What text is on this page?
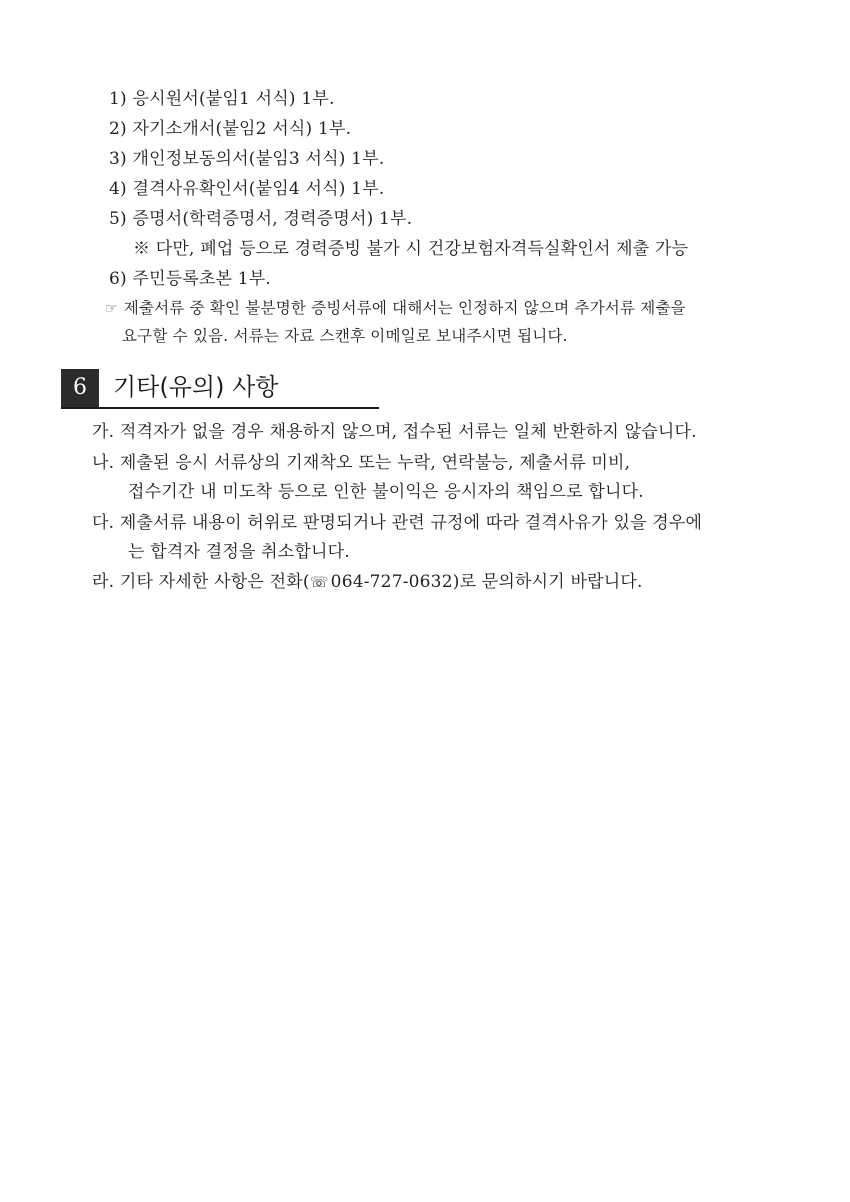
1) 응시원서(붙임1 서식) 1부.
2) 자기소개서(붙임2 서식) 1부.
3) 개인정보동의서(붙임3 서식) 1부.
4) 결격사유확인서(붙임4 서식) 1부.
5) 증명서(학력증명서, 경력증명서) 1부.
※ 다만, 폐업 등으로 경력증빙 불가 시 건강보험자격득실확인서 제출 가능
6) 주민등록초본 1부.
☞ 제출서류 중 확인 불분명한 증빙서류에 대해서는 인정하지 않으며 추가서류 제출을
요구할 수 있음. 서류는 자료 스캔후 이메일로 보내주시면 됩니다.
6	기타(유의) 사항
가. 적격자가 없을 경우 채용하지 않으며, 접수된 서류는 일체 반환하지 않습니다.
나. 제출된 응시 서류상의 기재착오 또는 누락, 연락불능, 제출서류 미비,
접수기간 내 미도착 등으로 인한 불이익은 응시자의 책임으로 합니다.
다. 제출서류 내용이 허위로 판명되거나 관련 규정에 따라 결격사유가 있을 경우에
는 합격자 결정을 취소합니다.
라. 기타 자세한 사항은 전화(☏ 064-727-0632)로 문의하시기 바랍니다.
